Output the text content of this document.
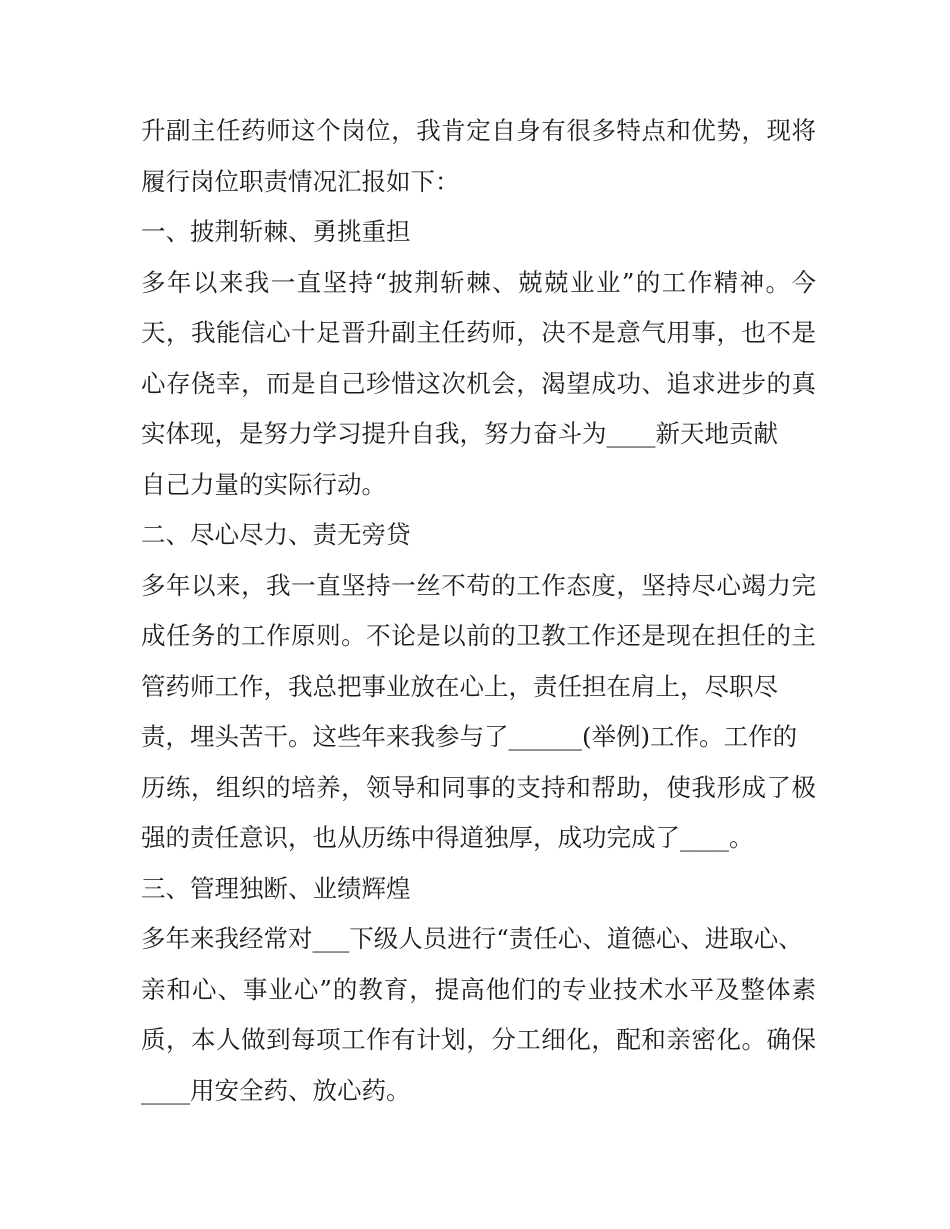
升副主任药师这个岗位，我肯定自身有很多特点和优势，现将
履行岗位职责情况汇报如下：
一、披荆斩棘、勇挑重担
多年以来我一直坚持“披荆斩棘、兢兢业业”的工作精神。今
天，我能信心十足晋升副主任药师，决不是意气用事，也不是
心存侥幸，而是自己珍惜这次机会，渴望成功、追求进步的真
实体现，是努力学习提升自我，努力奋斗为____新天地贡献
自己力量的实际行动。
二、尽心尽力、责无旁贷
多年以来，我一直坚持一丝不苟的工作态度，坚持尽心竭力完
成任务的工作原则。不论是以前的卫教工作还是现在担任的主
管药师工作，我总把事业放在心上，责任担在肩上，尽职尽
责，埋头苦干。这些年来我参与了______(举例)工作。工作的
历练，组织的培养，领导和同事的支持和帮助，使我形成了极
强的责任意识，也从历练中得道独厚，成功完成了____。
三、管理独断、业绩辉煌
多年来我经常对___下级人员进行“责任心、道德心、进取心、
亲和心、事业心”的教育，提高他们的专业技术水平及整体素
质，本人做到每项工作有计划，分工细化，配和亲密化。确保
____用安全药、放心药。
